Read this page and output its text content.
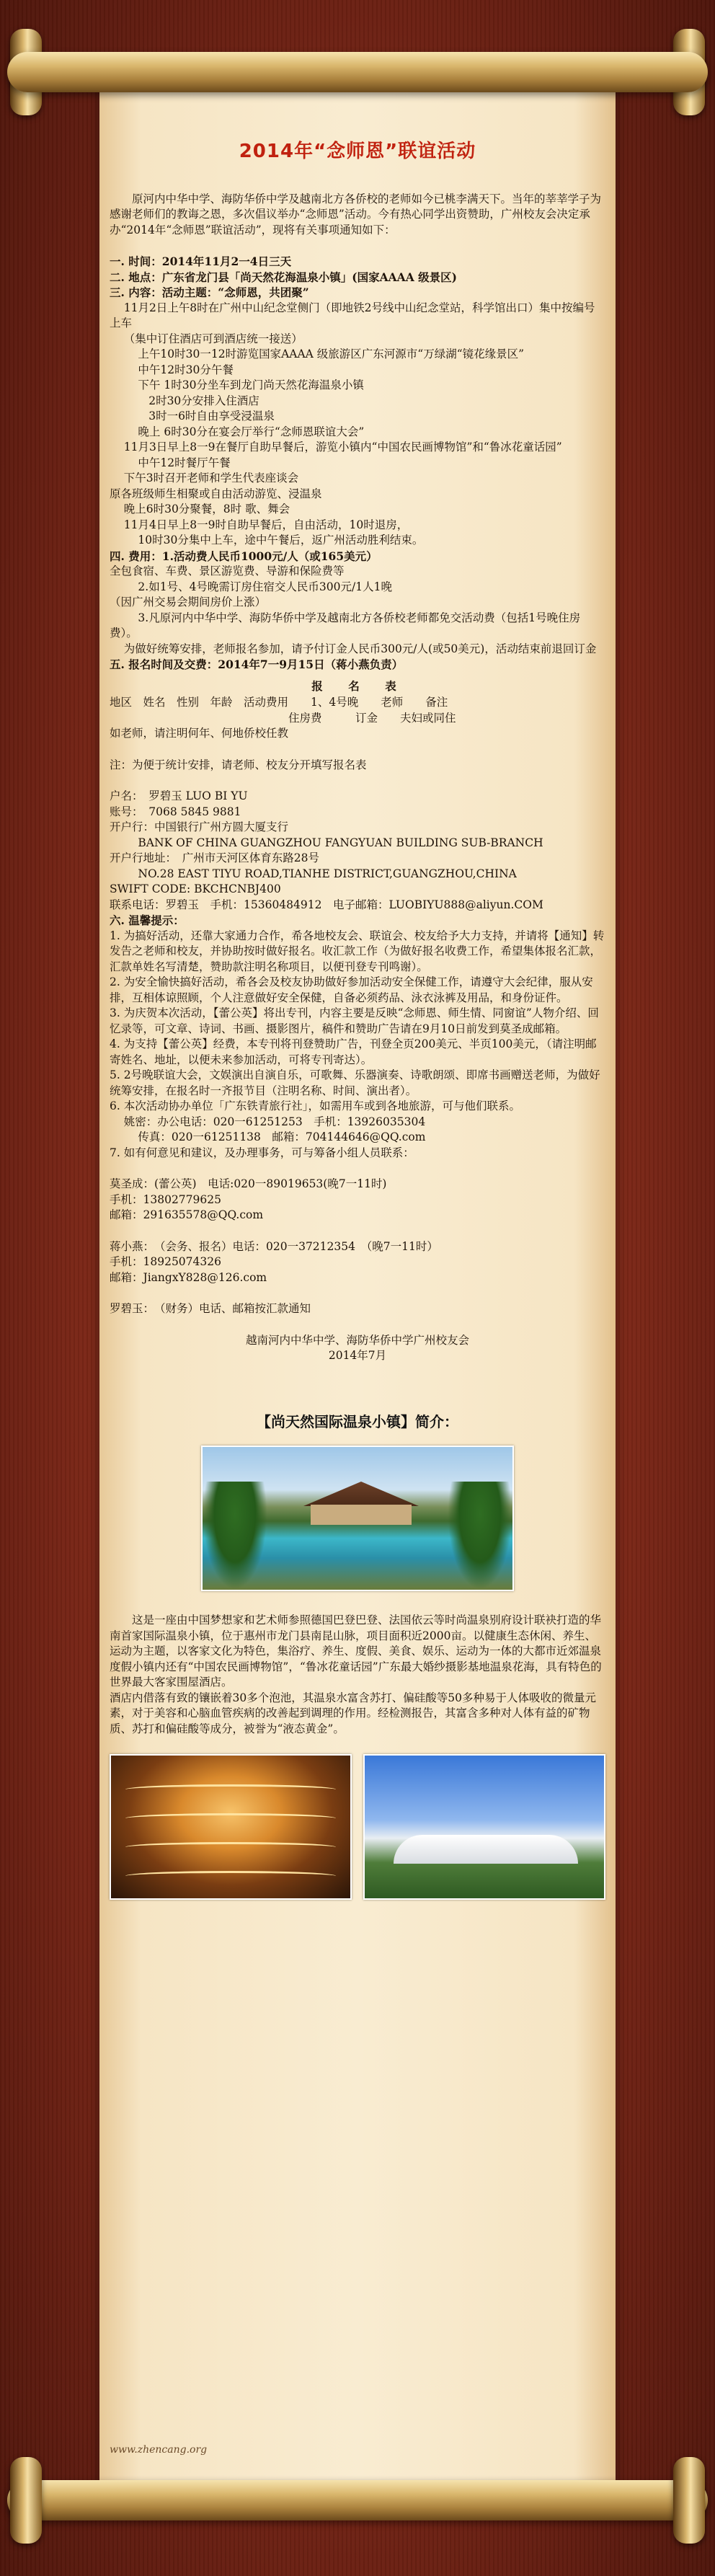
2014年“念师恩”联谊活动
原河内中华中学、海防华侨中学及越南北方各侨校的老师如今已桃李满天下。当年的莘莘学子为感谢老师们的教诲之恩，多次倡议举办“念师恩”活动。今有热心同学出资赞助，广州校友会决定承办“2014年“念师恩”联谊活动”，现将有关事项通知如下：
一. 时间：2014年11月2一4日三天
二. 地点：广东省龙门县「尚天然花海温泉小镇」(国家AAAA 级景区)
三. 内容：活动主题：“念师恩，共团聚”
11月2日上午8时在广州中山纪念堂侧门（即地铁2号线中山纪念堂站，科学馆出口）集中按编号上车
（集中订住酒店可到酒店统一接送）
上午10时30一12时游览国家AAAA 级旅游区广东河源市“万绿湖“镜花缘景区”
中午12时30分午餐
下午 1时30分坐车到龙门尚天然花海温泉小镇
2时30分安排入住酒店
3时一6时自由享受浸温泉
晚上 6时30分在宴会厅举行“念师恩联谊大会”
11月3日早上8一9在餐厅自助早餐后，游览小镇内“中国农民画博物馆”和“鲁冰花童话园”
中午12时餐厅午餐
下午3时召开老师和学生代表座谈会
原各班级师生相聚或自由活动游览、浸温泉
晚上6时30分聚餐，8时 歌、舞会
11月4日早上8一9时自助早餐后，自由活动，10时退房，
10时30分集中上车，途中午餐后，返广州活动胜利结束。
四. 费用：1.活动费人民币1000元/人（或165美元）
全包食宿、车费、景区游览费、导游和保险费等
2.如1号、4号晚需订房住宿交人民币300元/1人1晚
（因广州交易会期间房价上涨）
3.凡原河内中华中学、海防华侨中学及越南北方各侨校老师都免交活动费（包括1号晚住房费）。
为做好统筹安排，老师报名参加，请予付订金人民币300元/人(或50美元)，活动结束前退回订金
五. 报名时间及交费：2014年7一9月15日（蒋小燕负责）
报　名　表
地区　姓名　性别　年龄　活动费用　　1、4号晚　　老师　　备注
　　　　　　　　　　　　　　　　住房费　　　订金　　夫妇或同住
如老师，请注明何年、何地侨校任教
注：为便于统计安排，请老师、校友分开填写报名表
户名：　罗碧玉 LUO BI YU
账号：　7068 5845 9881
开户行：中国银行广州方圆大厦支行
BANK OF CHINA GUANGZHOU FANGYUAN BUILDING SUB-BRANCH
开户行地址：　广州市天河区体育东路28号
NO.28 EAST TIYU ROAD,TIANHE DISTRICT,GUANGZHOU,CHINA
SWIFT CODE: BKCHCNBJ400
联系电话：罗碧玉　手机：15360484912　电子邮箱：LUOBIYU888@aliyun.COM
六. 温馨提示：
1. 为搞好活动，还靠大家通力合作，希各地校友会、联谊会、校友给予大力支持，并请将【通知】转发告之老师和校友，并协助按时做好报名。收汇款工作（为做好报名收费工作，希望集体报名汇款，汇款单姓名写清楚，赞助款注明名称项目，以便刊登专刊鸣谢）。
2. 为安全愉快搞好活动，希各会及校友协助做好参加活动安全保健工作，请遵守大会纪律，服从安排，互相体谅照顾，个人注意做好安全保健，自备必须药品、泳衣泳裤及用品，和身份证件。
3. 为庆贺本次活动，【蕾公英】将出专刊，内容主要是反映“念师恩、师生情、同窗谊”人物介绍、回忆录等，可文章、诗词、书画、摄影图片，稿件和赞助广告请在9月10日前发到莫圣成邮箱。
4. 为支持【蕾公英】经费，本专刊将刊登赞助广告，刊登全页200美元、半页100美元，（请注明邮寄姓名、地址，以便未来参加活动，可将专刊寄达）。
5. 2号晚联谊大会，文娱演出自演自乐，可歌舞、乐器演奏、诗歌朗颂、即席书画赠送老师，为做好统筹安排，在报名时一齐报节目（注明名称、时间、演出者）。
6. 本次活动协办单位「广东铁青旅行社」，如需用车或到各地旅游，可与他们联系。
姚密：办公电话：020一61251253　手机：13926035304
传真：020一61251138　邮箱：704144646@QQ.com
7. 如有何意见和建议，及办理事务，可与筹备小组人员联系：
莫圣成：(蕾公英)　电话:020一89019653(晚7一11时)
手机：13802779625
邮箱：291635578@QQ.com
蒋小燕：　（会务、报名）电话：020一37212354　（晚7一11时）
手机：18925074326
邮箱：JiangxY828@126.com
罗碧玉：　（财务）电话、邮箱按汇款通知
越南河内中华中学、海防华侨中学广州校友会
2014年7月
【尚天然国际温泉小镇】简介：
这是一座由中国梦想家和艺术师参照德国巴登巴登、法国依云等时尚温泉别府设计联袂打造的华南首家国际温泉小镇，位于惠州市龙门县南昆山脉，项目面积近2000亩。以健康生态休闲、养生、运动为主题，以客家文化为特色，集浴疗、养生、度假、美食、娱乐、运动为一体的大都市近郊温泉度假小镇内还有“中国农民画博物馆”，“鲁冰花童话园”广东最大婚纱摄影基地温泉花海，具有特色的世界最大客家围屋酒店。
酒店内借落有致的镶嵌着30多个泡池，其温泉水富含苏打、偏硅酸等50多种易于人体吸收的微量元素，对于美容和心脑血管疾病的改善起到调理的作用。经检测报告，其富含多种对人体有益的矿物质、苏打和偏硅酸等成分，被誉为“液态黄金”。
www.zhencang.org
